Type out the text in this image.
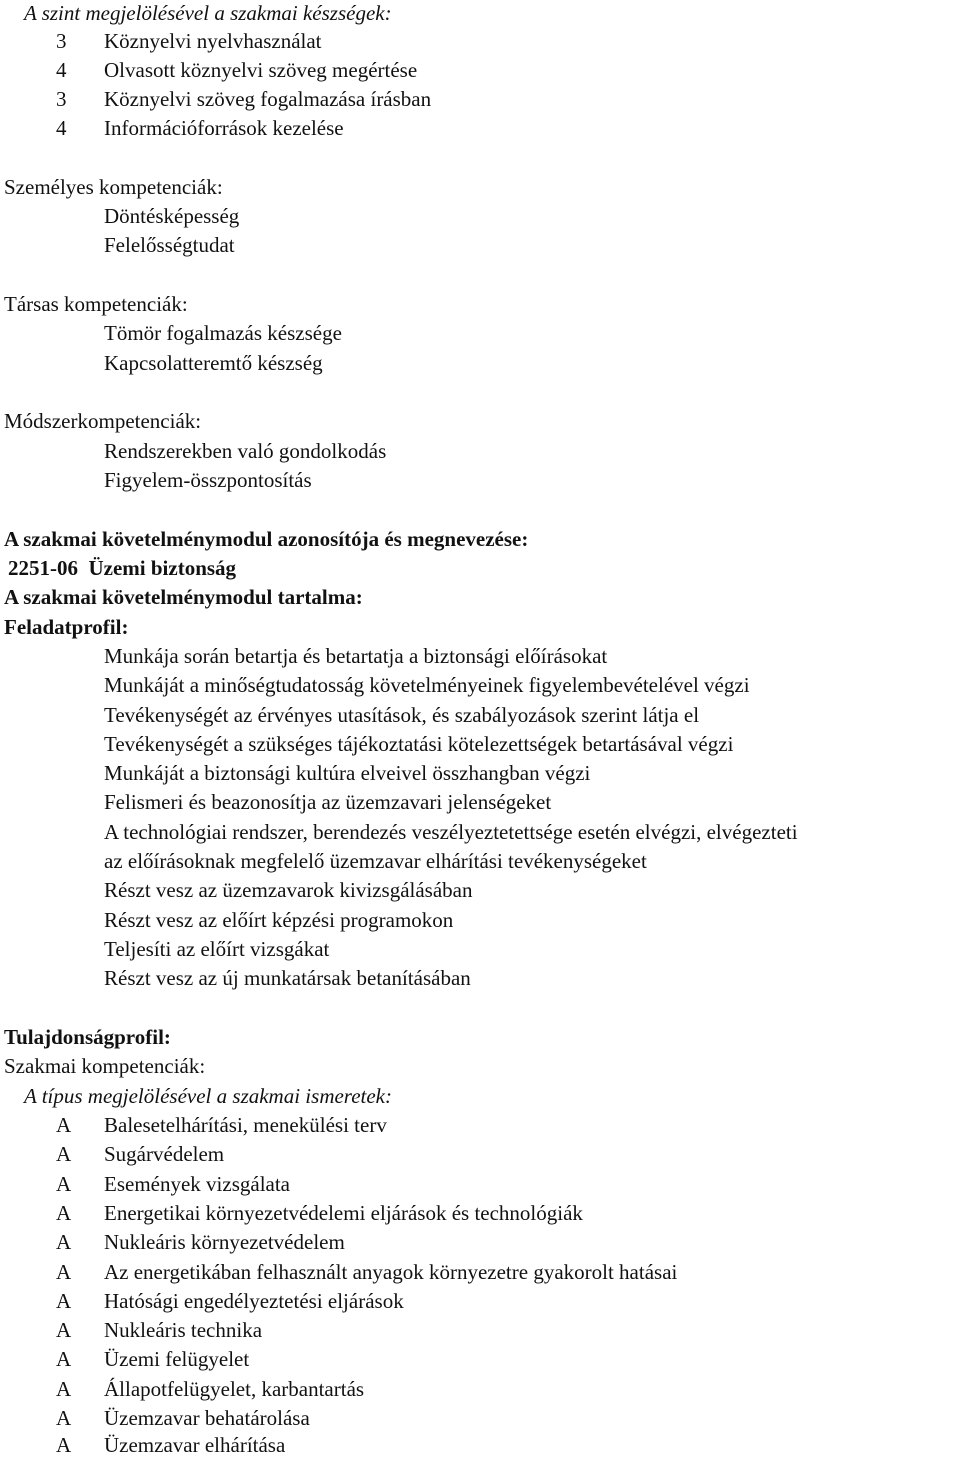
A szint megjelölésével a szakmai készségek:
3 Köznyelvi nyelvhasználat
4 Olvasott köznyelvi szöveg megértése
3 Köznyelvi szöveg fogalmazása írásban
4 Információforrások kezelése
Személyes kompetenciák:
Döntésképesség
Felelősségtudat
Társas kompetenciák:
Tömör fogalmazás készsége
Kapcsolatteremtő készség
Módszerkompetenciák:
Rendszerekben való gondolkodás
Figyelem-összpontosítás
A szakmai követelménymodul azonosítója és megnevezése:
2251-06  Üzemi biztonság
A szakmai követelménymodul tartalma:
Feladatprofil:
Munkája során betartja és betartatja a biztonsági előírásokat
Munkáját a minőségtudatosság követelményeinek figyelembevételével végzi
Tevékenységét az érvényes utasítások, és szabályozások szerint látja el
Tevékenységét a szükséges tájékoztatási kötelezettségek betartásával végzi
Munkáját a biztonsági kultúra elveivel összhangban végzi
Felismeri és beazonosítja az üzemzavari jelenségeket
A technológiai rendszer, berendezés veszélyeztetettsége esetén elvégzi, elvégezteti
az előírásoknak megfelelő üzemzavar elhárítási tevékenységeket
Részt vesz az üzemzavarok kivizsgálásában
Részt vesz az előírt képzési programokon
Teljesíti az előírt vizsgákat
Részt vesz az új munkatársak betanításában
Tulajdonságprofil:
Szakmai kompetenciák:
A típus megjelölésével a szakmai ismeretek:
A Balesetelhárítási, menekülési terv
A Sugárvédelem
A Események vizsgálata
A Energetikai környezetvédelemi eljárások és technológiák
A Nukleáris környezetvédelem
A Az energetikában felhasznált anyagok környezetre gyakorolt hatásai
A Hatósági engedélyeztetési eljárások
A Nukleáris technika
A Üzemi felügyelet
A Állapotfelügyelet, karbantartás
A Üzemzavar behatárolása
A Üzemzavar elhárítása
